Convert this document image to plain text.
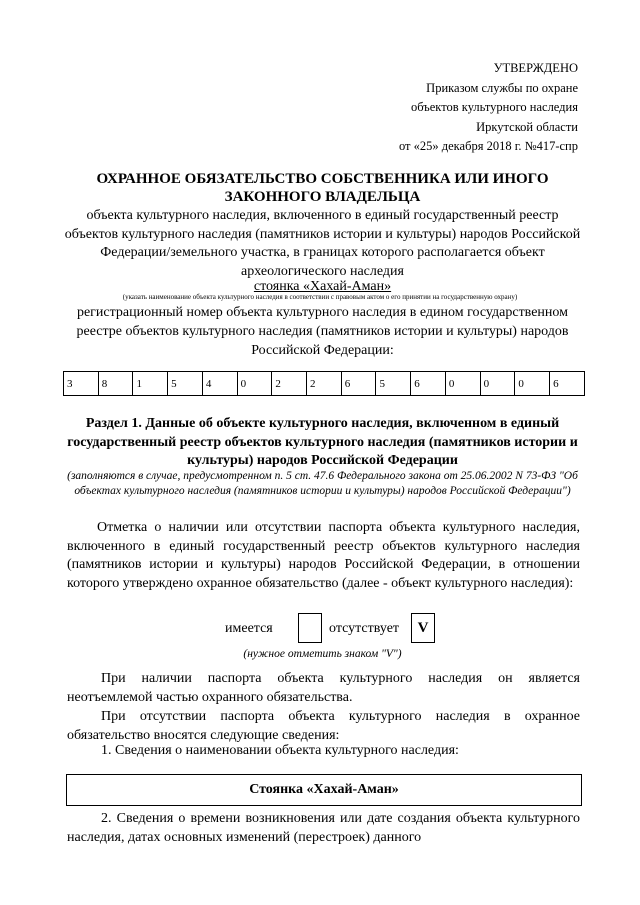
УТВЕРЖДЕНО
Приказом службы по охране
объектов культурного наследия
Иркутской области
от «25» декабря 2018 г. №417-спр
ОХРАННОЕ ОБЯЗАТЕЛЬСТВО СОБСТВЕННИКА ИЛИ ИНОГО ЗАКОННОГО ВЛАДЕЛЬЦА
объекта культурного наследия, включенного в единый государственный реестр объектов культурного наследия (памятников истории и культуры) народов Российской Федерации/земельного участка, в границах которого располагается объект археологического наследия
стоянка «Хахай-Аман»
(указать наименование объекта культурного наследия в соответствии с правовым актом о его принятии на государственную охрану)
регистрационный номер объекта культурного наследия в едином государственном реестре объектов культурного наследия (памятников истории и культуры) народов Российской Федерации:
3	8	1	5	4	0	2	2	6	5	6	0	0	0	6
Раздел 1. Данные об объекте культурного наследия, включенном в единый государственный реестр объектов культурного наследия (памятников истории и культуры) народов Российской Федерации
(заполняются в случае, предусмотренном п. 5 ст. 47.6 Федерального закона от 25.06.2002 N 73-ФЗ "Об объектах культурного наследия (памятников истории и культуры) народов Российской Федерации")
Отметка о наличии или отсутствии паспорта объекта культурного наследия, включенного в единый государственный реестр объектов культурного наследия (памятников истории и культуры) народов Российской Федерации, в отношении которого утверждено охранное обязательство (далее - объект культурного наследия):
имеется	отсутствует	V
(нужное отметить знаком "V")
При наличии паспорта объекта культурного наследия он является неотъемлемой частью охранного обязательства.
При отсутствии паспорта объекта культурного наследия в охранное обязательство вносятся следующие сведения:
1. Сведения о наименовании объекта культурного наследия:
Стоянка «Хахай-Аман»
2. Сведения о времени возникновения или дате создания объекта культурного наследия, датах основных изменений (перестроек) данного
